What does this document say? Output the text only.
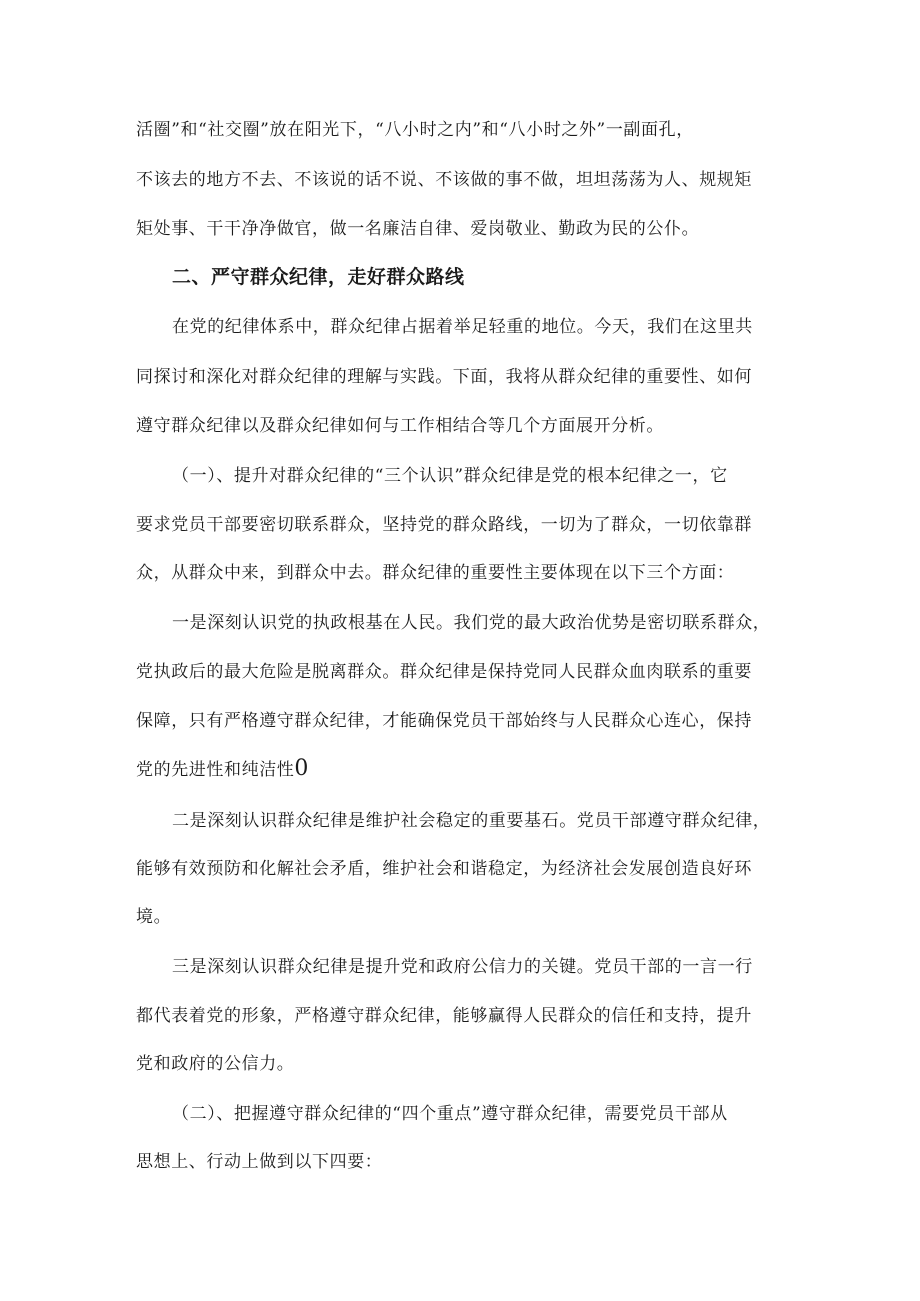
活圈”和“社交圈”放在阳光下，“八小时之内”和“八小时之外”一副面孔，
不该去的地方不去、不该说的话不说、不该做的事不做，坦坦荡荡为人、规规矩
矩处事、干干净净做官，做一名廉洁自律、爱岗敬业、勤政为民的公仆。
二、严守群众纪律，走好群众路线
在党的纪律体系中，群众纪律占据着举足轻重的地位。今天，我们在这里共
同探讨和深化对群众纪律的理解与实践。下面，我将从群众纪律的重要性、如何
遵守群众纪律以及群众纪律如何与工作相结合等几个方面展开分析。
（一）、提升对群众纪律的“三个认识”群众纪律是党的根本纪律之一，它
要求党员干部要密切联系群众，坚持党的群众路线，一切为了群众，一切依靠群
众，从群众中来，到群众中去。群众纪律的重要性主要体现在以下三个方面：
一是深刻认识党的执政根基在人民。我们党的最大政治优势是密切联系群众，
党执政后的最大危险是脱离群众。群众纪律是保持党同人民群众血肉联系的重要
保障，只有严格遵守群众纪律，才能确保党员干部始终与人民群众心连心，保持
党的先进性和纯洁性0
二是深刻认识群众纪律是维护社会稳定的重要基石。党员干部遵守群众纪律，
能够有效预防和化解社会矛盾，维护社会和谐稳定，为经济社会发展创造良好环
境。
三是深刻认识群众纪律是提升党和政府公信力的关键。党员干部的一言一行
都代表着党的形象，严格遵守群众纪律，能够赢得人民群众的信任和支持，提升
党和政府的公信力。
（二）、把握遵守群众纪律的“四个重点”遵守群众纪律，需要党员干部从
思想上、行动上做到以下四要：
